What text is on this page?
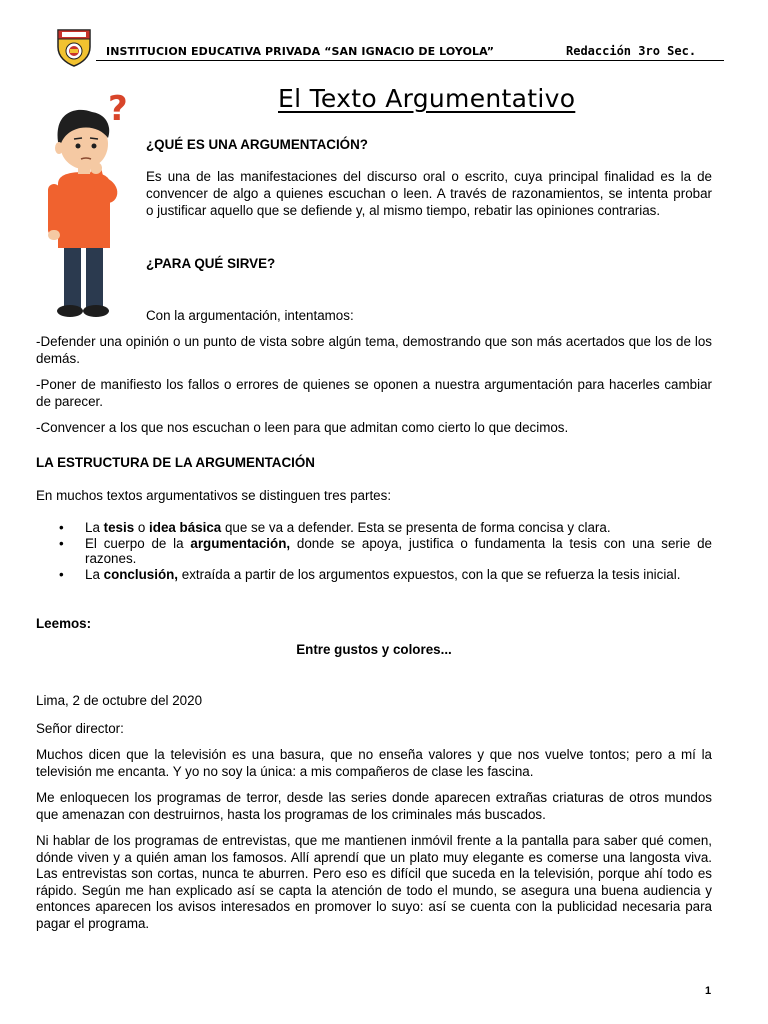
INSTITUCION EDUCATIVA PRIVADA “SAN IGNACIO DE LOYOLA”	Redacción 3ro Sec.
El Texto Argumentativo
?
¿QUÉ ES UNA ARGUMENTACIÓN?
Es una de las manifestaciones del discurso oral o escrito, cuya principal finalidad es la de
convencer de algo a quienes escuchan o leen. A través de razonamientos, se intenta probar
o justificar aquello que se defiende y, al mismo tiempo, rebatir las opiniones contrarias.
¿PARA QUÉ SIRVE?
Con la argumentación, intentamos:
-Defender una opinión o un punto de vista sobre algún tema, demostrando que son más acertados que los de los demás.
-Poner de manifiesto los fallos o errores de quienes se oponen a nuestra argumentación para hacerles cambiar de parecer.
-Convencer a los que nos escuchan o leen para que admitan como cierto lo que decimos.
LA ESTRUCTURA DE LA ARGUMENTACIÓN
En muchos textos argumentativos se distinguen tres partes:
• La tesis o idea básica que se va a defender. Esta se presenta de forma concisa y clara.
• El cuerpo de la argumentación, donde se apoya, justifica o fundamenta la tesis con una serie de razones.
• La conclusión, extraída a partir de los argumentos expuestos, con la que se refuerza la tesis inicial.
Leemos:
Entre gustos y colores...
Lima, 2 de octubre del 2020
Señor director:
Muchos dicen que la televisión es una basura, que no enseña valores y que nos vuelve tontos; pero a mí la televisión me encanta. Y yo no soy la única: a mis compañeros de clase les fascina.
Me enloquecen los programas de terror, desde las series donde aparecen extrañas criaturas de otros mundos que amenazan con destruirnos, hasta los programas de los criminales más buscados.
Ni hablar de los programas de entrevistas, que me mantienen inmóvil frente a la pantalla para saber qué comen, dónde viven y a quién aman los famosos. Allí aprendí que un plato muy elegante es comerse una langosta viva. Las entrevistas son cortas, nunca te aburren. Pero eso es difícil que suceda en la televisión, porque ahí todo es rápido. Según me han explicado así se capta la atención de todo el mundo, se asegura una buena audiencia y entonces aparecen los avisos interesados en promover lo suyo: así se cuenta con la publicidad necesaria para pagar el programa.
1
